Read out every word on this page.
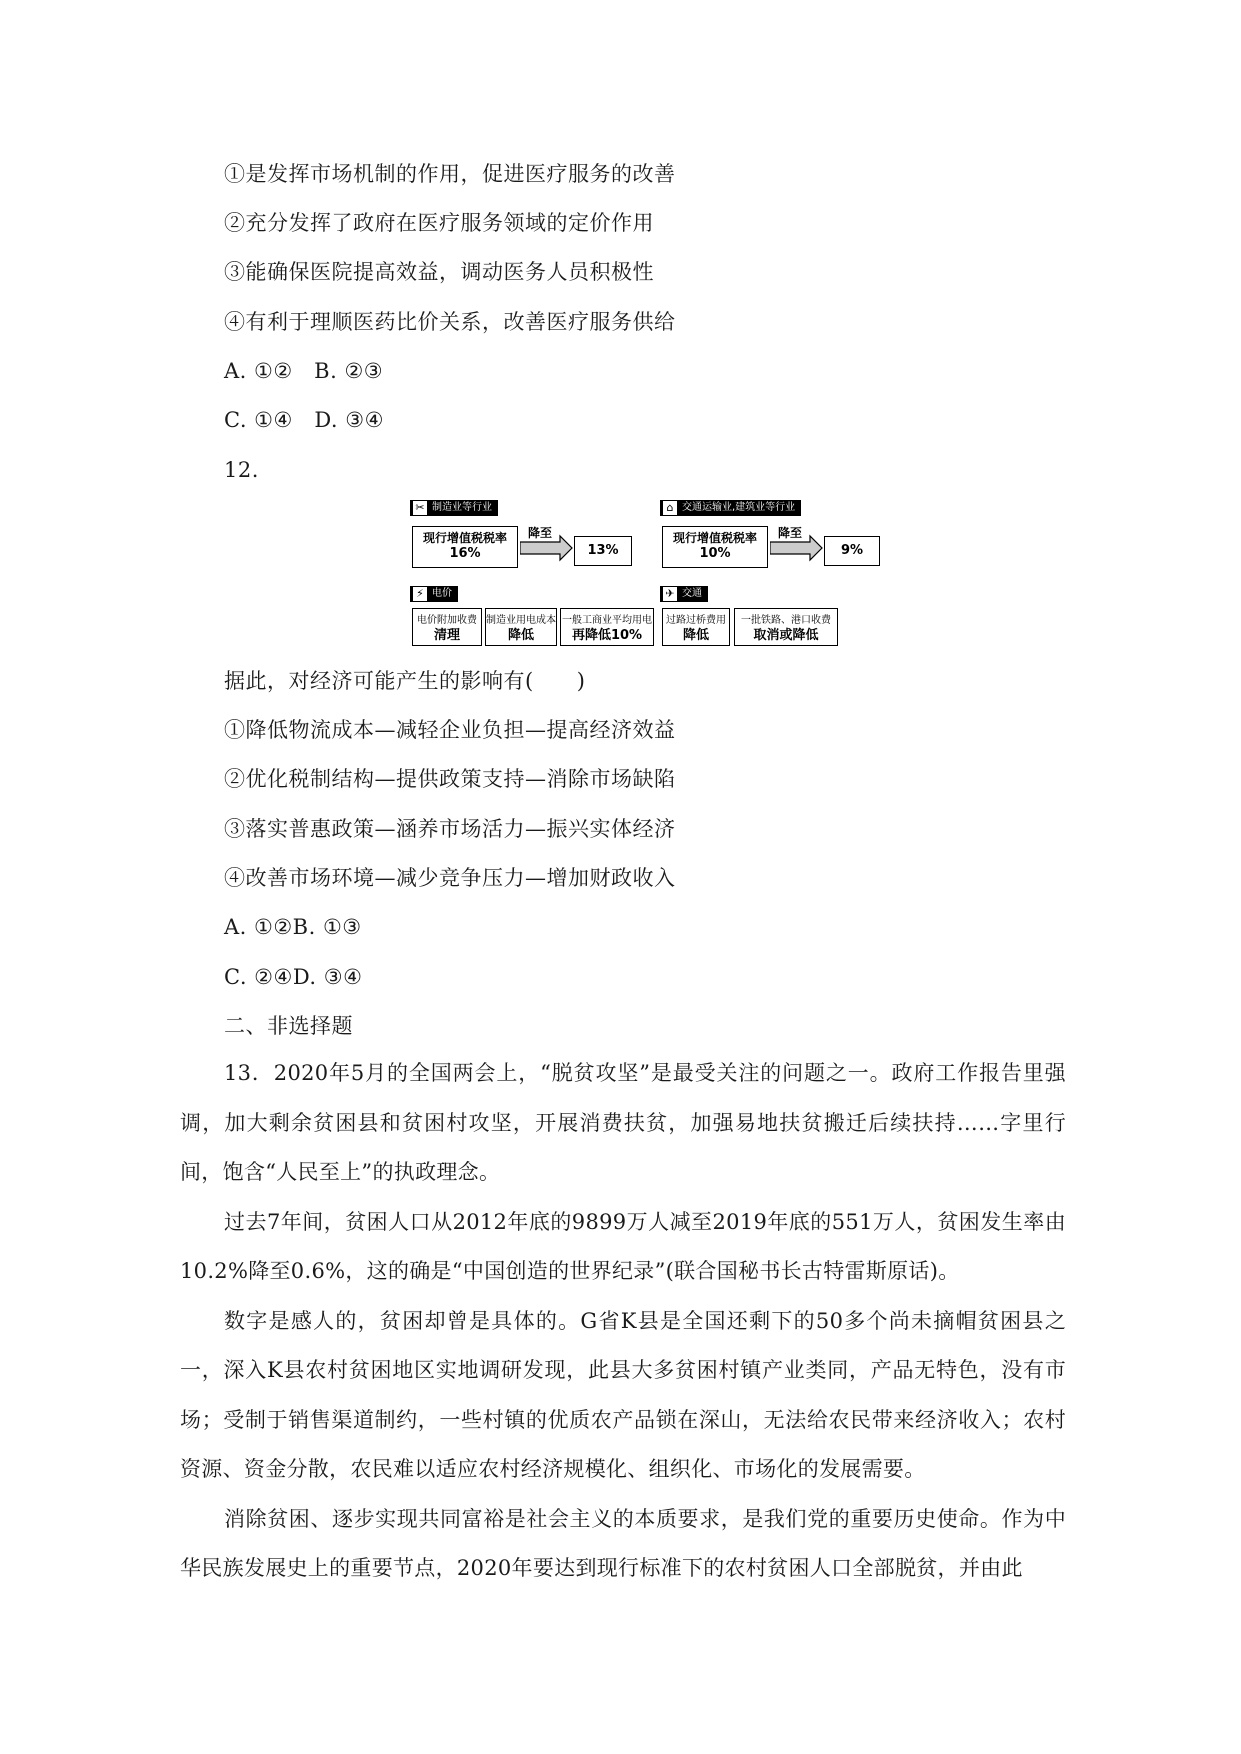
①是发挥市场机制的作用，促进医疗服务的改善
②充分发挥了政府在医疗服务领域的定价作用
③能确保医院提高效益，调动医务人员积极性
④有利于理顺医药比价关系，改善医疗服务供给
A. ①②　B. ②③
C. ①④　D. ③④
12.
✂ 制造业等行业
现行增值税税率
16%
降至
13%
⌂ 交通运输业,建筑业等行业
现行增值税税率
10%
降至
9%
⚡ 电价
电价附加收费
清理
制造业用电成本
降低
一般工商业平均用电
再降低10%
✈ 交通
过路过桥费用
降低
一批铁路、港口收费
取消或降低
据此，对经济可能产生的影响有(　　)
①降低物流成本—减轻企业负担—提高经济效益
②优化税制结构—提供政策支持—消除市场缺陷
③落实普惠政策—涵养市场活力—振兴实体经济
④改善市场环境—减少竞争压力—增加财政收入
A. ①②B. ①③
C. ②④D. ③④
二、非选择题
13．2020年5月的全国两会上，“脱贫攻坚”是最受关注的问题之一。政府工作报告里强调，加大剩余贫困县和贫困村攻坚，开展消费扶贫，加强易地扶贫搬迁后续扶持……字里行间，饱含“人民至上”的执政理念。
过去7年间，贫困人口从2012年底的9899万人减至2019年底的551万人，贫困发生率由10.2%降至0.6%，这的确是“中国创造的世界纪录”(联合国秘书长古特雷斯原话)。
数字是感人的，贫困却曾是具体的。G省K县是全国还剩下的50多个尚未摘帽贫困县之一，深入K县农村贫困地区实地调研发现，此县大多贫困村镇产业类同，产品无特色，没有市场；受制于销售渠道制约，一些村镇的优质农产品锁在深山，无法给农民带来经济收入；农村资源、资金分散，农民难以适应农村经济规模化、组织化、市场化的发展需要。
消除贫困、逐步实现共同富裕是社会主义的本质要求，是我们党的重要历史使命。作为中华民族发展史上的重要节点，2020年要达到现行标准下的农村贫困人口全部脱贫，并由此
